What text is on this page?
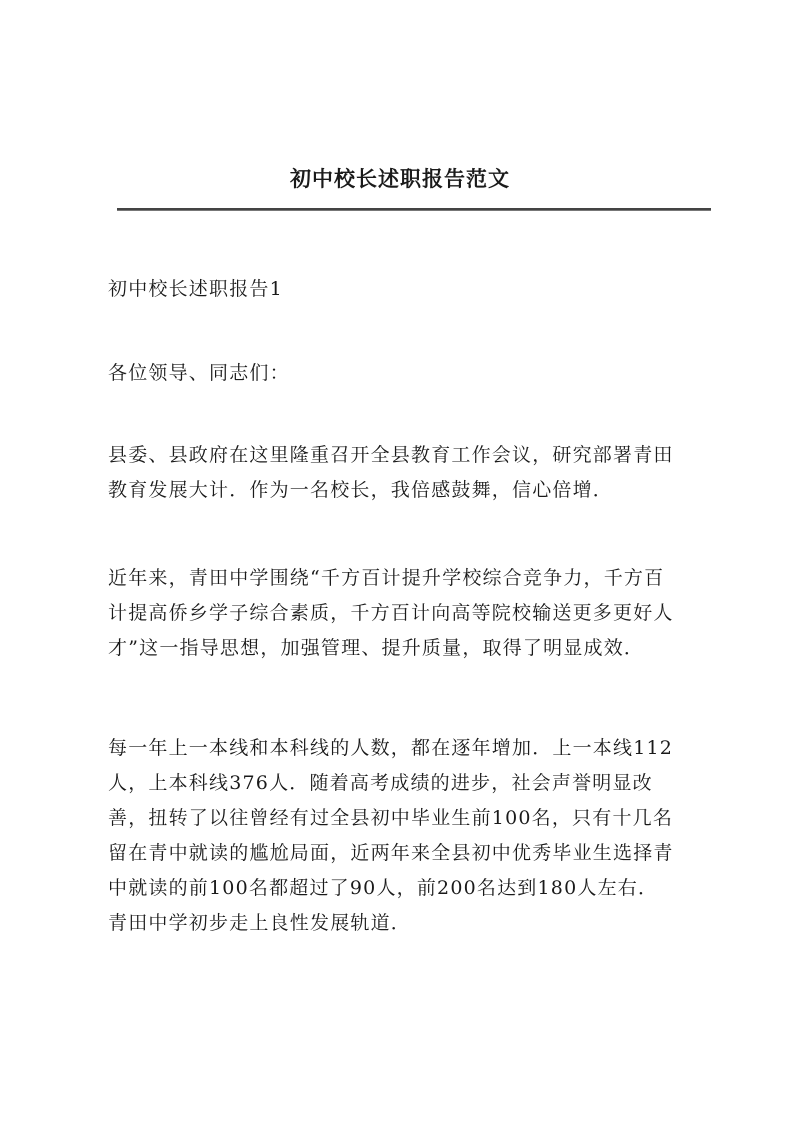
初中校长述职报告范文
初中校长述职报告1
各位领导、同志们：
县委、县政府在这里隆重召开全县教育工作会议，研究部署青田
教育发展大计．作为一名校长，我倍感鼓舞，信心倍增．
近年来，青田中学围绕“千方百计提升学校综合竞争力，千方百
计提高侨乡学子综合素质，千方百计向高等院校输送更多更好人
才”这一指导思想，加强管理、提升质量，取得了明显成效．
每一年上一本线和本科线的人数，都在逐年增加．上一本线112
人，上本科线376人．随着高考成绩的进步，社会声誉明显改
善，扭转了以往曾经有过全县初中毕业生前100名，只有十几名
留在青中就读的尴尬局面，近两年来全县初中优秀毕业生选择青
中就读的前100名都超过了90人，前200名达到180人左右．
青田中学初步走上良性发展轨道．
